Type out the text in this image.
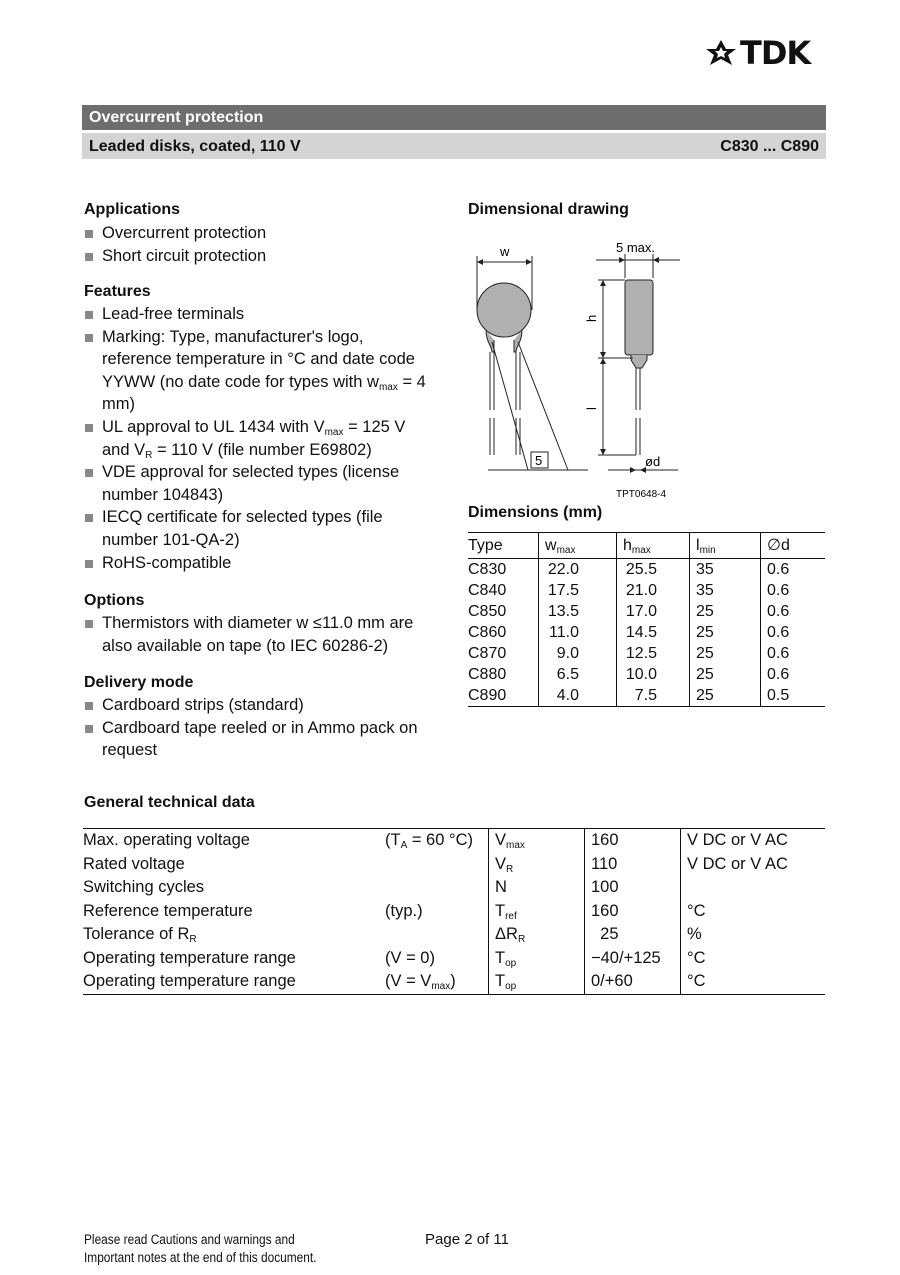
TDK
Overcurrent protection
Leaded disks, coated, 110 V	C830 ... C890
Applications
Overcurrent protection
Short circuit protection
Features
Lead-free terminals
Marking: Type, manufacturer's logo, reference temperature in °C and date code YYWW (no date code for types with $w_{max} = 4$ mm)
UL approval to UL 1434 with $V_{max} = 125$ V and $V_R = 110$ V (file number E69802)
VDE approval for selected types (license number 104843)
IECQ certificate for selected types (file number 101-QA-2)
RoHS-compatible
Options
Thermistors with diameter w ≤11.0 mm are also available on tape (to IEC 60286-2)
Delivery mode
Cardboard strips (standard)
Cardboard tape reeled or in Ammo pack on request
Dimensional drawing
w	5 max.
h
l
5	ød
TPT0648-4
Dimensions (mm)
Type	$w_{max}$	$h_{max}$	$l_{min}$	∅d
C830	22.0	25.5	35	0.6
C840	17.5	21.0	35	0.6
C850	13.5	17.0	25	0.6
C860	11.0	14.5	25	0.6
C870	9.0	12.5	25	0.6
C880	6.5	10.0	25	0.6
C890	4.0	7.5	25	0.5
General technical data
Max. operating voltage	($T_A = 60$ °C)	$V_{max}$	160	V DC or V AC
Rated voltage		$V_R$	110	V DC or V AC
Switching cycles		N	100	
Reference temperature	(typ.)	$T_{ref}$	160	°C
Tolerance of $R_R$		$\Delta R_R$	25	%
Operating temperature range	(V = 0)	$T_{op}$	−40/+125	°C
Operating temperature range	$(V = V_{max})$	$T_{op}$	0/+60	°C
Please read Cautions and warnings and
Important notes at the end of this document.
Page 2 of 11
